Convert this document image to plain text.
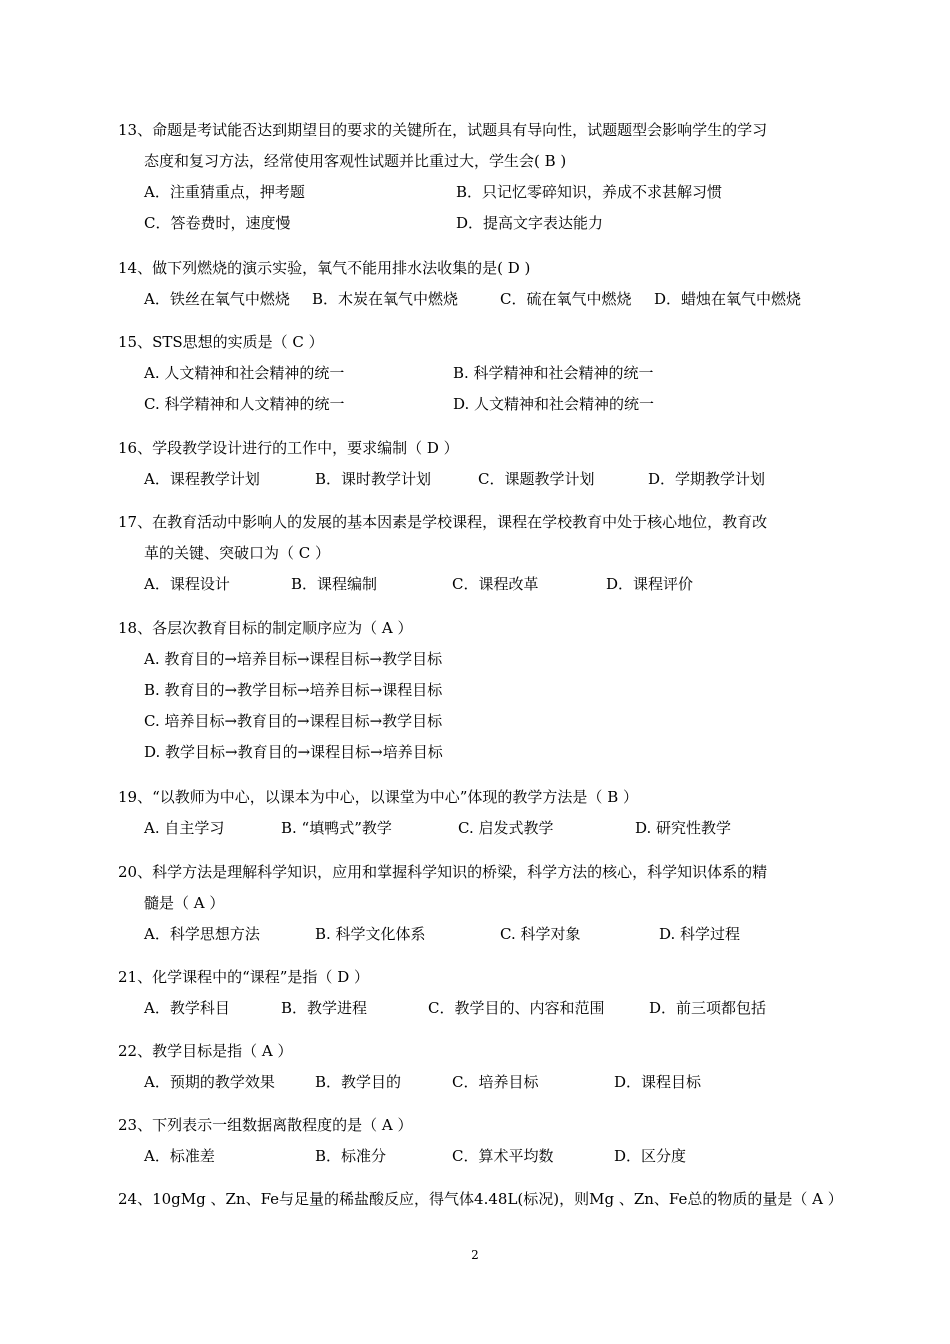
13、命题是考试能否达到期望目的要求的关键所在，试题具有导向性，试题题型会影响学生的学习
态度和复习方法，经常使用客观性试题并比重过大，学生会( B )
A．注重猜重点，押考题	B．只记忆零碎知识，养成不求甚解习惯
C．答卷费时，速度慢	D．提高文字表达能力
14、做下列燃烧的演示实验，氧气不能用排水法收集的是( D )
A．铁丝在氧气中燃烧 B．木炭在氧气中燃烧	C．硫在氧气中燃烧 D．蜡烛在氧气中燃烧
15、STS思想的实质是（ C ）
A. 人文精神和社会精神的统一	B. 科学精神和社会精神的统一
C. 科学精神和人文精神的统一	D. 人文精神和社会精神的统一
16、学段教学设计进行的工作中，要求编制（ D ）
A．课程教学计划	B．课时教学计划	C．课题教学计划	D．学期教学计划
17、在教育活动中影响人的发展的基本因素是学校课程，课程在学校教育中处于核心地位，教育改
革的关键、突破口为（ C ）
A．课程设计	B．课程编制	C．课程改革	D．课程评价
18、各层次教育目标的制定顺序应为（ A ）
A. 教育目的→培养目标→课程目标→教学目标
B. 教育目的→教学目标→培养目标→课程目标
C. 培养目标→教育目的→课程目标→教学目标
D. 教学目标→教育目的→课程目标→培养目标
19、“以教师为中心，以课本为中心，以课堂为中心”体现的教学方法是（ B ）
A. 自主学习	B. “填鸭式”教学	C. 启发式教学	D. 研究性教学
20、科学方法是理解科学知识，应用和掌握科学知识的桥梁，科学方法的核心，科学知识体系的精
髓是（ A ）
A．科学思想方法	B. 科学文化体系	C. 科学对象	D. 科学过程
21、化学课程中的“课程”是指（ D ）
A．教学科目	B．教学进程	C．教学目的、内容和范围	D．前三项都包括
22、教学目标是指（ A ）
A．预期的教学效果	B．教学目的	C．培养目标	D．课程目标
23、下列表示一组数据离散程度的是（ A ）
A．标准差	B．标准分	C．算术平均数	D．区分度
24、10gMg 、Zn、Fe与足量的稀盐酸反应，得气体4.48L(标况)，则Mg 、Zn、Fe总的物质的量是（ A ）
2
